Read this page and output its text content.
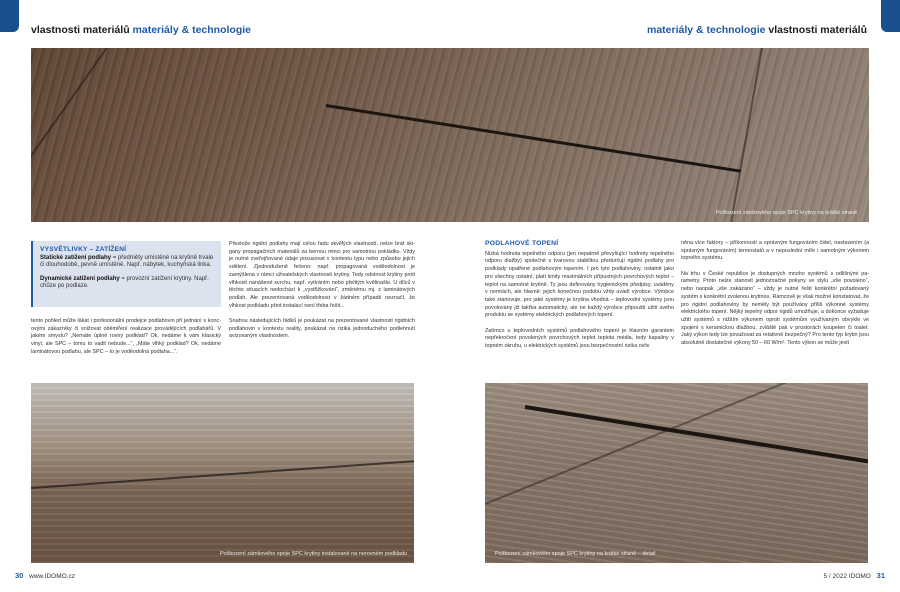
vlastnosti materiálů materiály & technologie	materiály & technologie vlastnosti materiálů
Poškození zámkového spoje SPC krytiny na krátké straně
VYSVĚTLIVKY – ZATÍŽENÍ
Statické zatížení podlahy = předměty umístěné na krytině trvale či dlouhodobě, pevně umístěné. Např. nábytek, kuchyňská linka.
Dynamické zatížení podlahy = provozní zatížení krytiny. Např. chůze po podlaze.

tento pohled může läkat i profesionální prodejce podlahovin při jednání s koncovými zákazníky či snižovat oběmiř̌ení realizace provádějících podlahářů. V jakém smyslu? „Nemáte úplně rovný podklad? Ok, nedáme k vám klasický vinyl, ale SPC – tomu to vadit nebude...“, „Máte vlhký podklad? Ok, nedáme laminátovou podlahu, ale SPC – to je voděodolná podlaha...“.

Přestože rigidní podlahy mají celou řadu skvělých vlastností, nelze brát skigany propagačních materiálů za bernou minci pro samotnou pokládku. Vždy je nutné zveřejňované údaje posuzovat v kontextu typu nebo způsobu jejich sdělení. Zjednodušeně řečeno: např. propagovaná voděodolnost je zamýšlena v rámci uživatelských vlastností krytiny. Tedy odolnost krytiny proti vlhkosti nanášené svrchu, např. vytíráním nebo přelitým kvělinašle. U dílců v těchto situacích nedochází k „vystřižkování“, změnému mj. z laminátových podlah. Ale prezentovaná voděodolnost v žádném případě neznačí, že vlhkost podkladu před instalací není třeba řešit...

Snahou následujících řádků je poukázat na prezentované vlastnosti rigidních podlahovin v kontextu reality, poukázat na rizika jednoduchého podlehnutí avizovaným vlastnostem.

PODLAHOVÉ TOPENÍ

Nízká hodnota tepelného odporu (jen nepatrně převyšující hodnoty tepelného odporu dlažby) společně s tvarovou stabilitou předurčují rigidní podlahy pro podklady opatřené podlahovým topením. I pro tyto podlahoviny, ostatně jako pro všechny ostatní, platí limity maximálních přípustných povrchových teplot – teplot na samotné krytině. Ty jsou definovány hygienickými předpisy, uváděny v normách, ale hlavně: jejich konečnou podobu vždy uvádí výrobce. Výrobce také stanovuje, pro jaké systémy je krytina vhodná – teplovodní systémy jsou povolovány již takřka automaticky, ale ne každý výrobce připouští užití svého produktu se systémy elektrických podlahových topení.

Zatímco u teplovodních systémů podlahového topení je hlavním garantem nepřekročení povolených povrchových teplot teplota média, tedy kapaliny v topném okruhu, u elektrických systémů jsou bezpečnostní rizika ovliv

něna více faktory – příkonností a správným fungováním čidel, nastavením (a správným fungováním) termostatů a v neposlední míře i samotným výkonem topného systému.

Na trhu v České republice je dostupných mnoho systémů s odlišnými parametry. Proto nelze stanovit jednoznačné pokyny ve stylu „vše povoleno“, nebo naopak „vše zakázáno“ – vždy je nutné řešit konkrétní požadovaný systém s konkrétní zvolenou krytinou. Rámcově je však možné konstatovat, že pro rigidní podlahoviny by neměly být používány příliš výkonné systémy elektrického topení. Nějký tepelný odpor rigidů umožňuje, a dokonce vyžaduje užití systémů s nižším výkonem oproti systémům využívaným obvykle ve spojení s keramickou dlažbou, zvláště pak v prostorách koupelen či toalet. Jaký výkon tedy lze považovat za relativně bezpečný? Pro tento typ krytin jsou absolutně dostatečné výkony 50 – 60 W/m². Tento výkon se může jevit

Poškození zámkového spoje SPC krytiny instalované na nerovném podkladu	Poškození zámkového spoje SPC krytiny na krátké straně – detail
30 www.IDOMO.cz	5 / 2022 IDOMO 31
